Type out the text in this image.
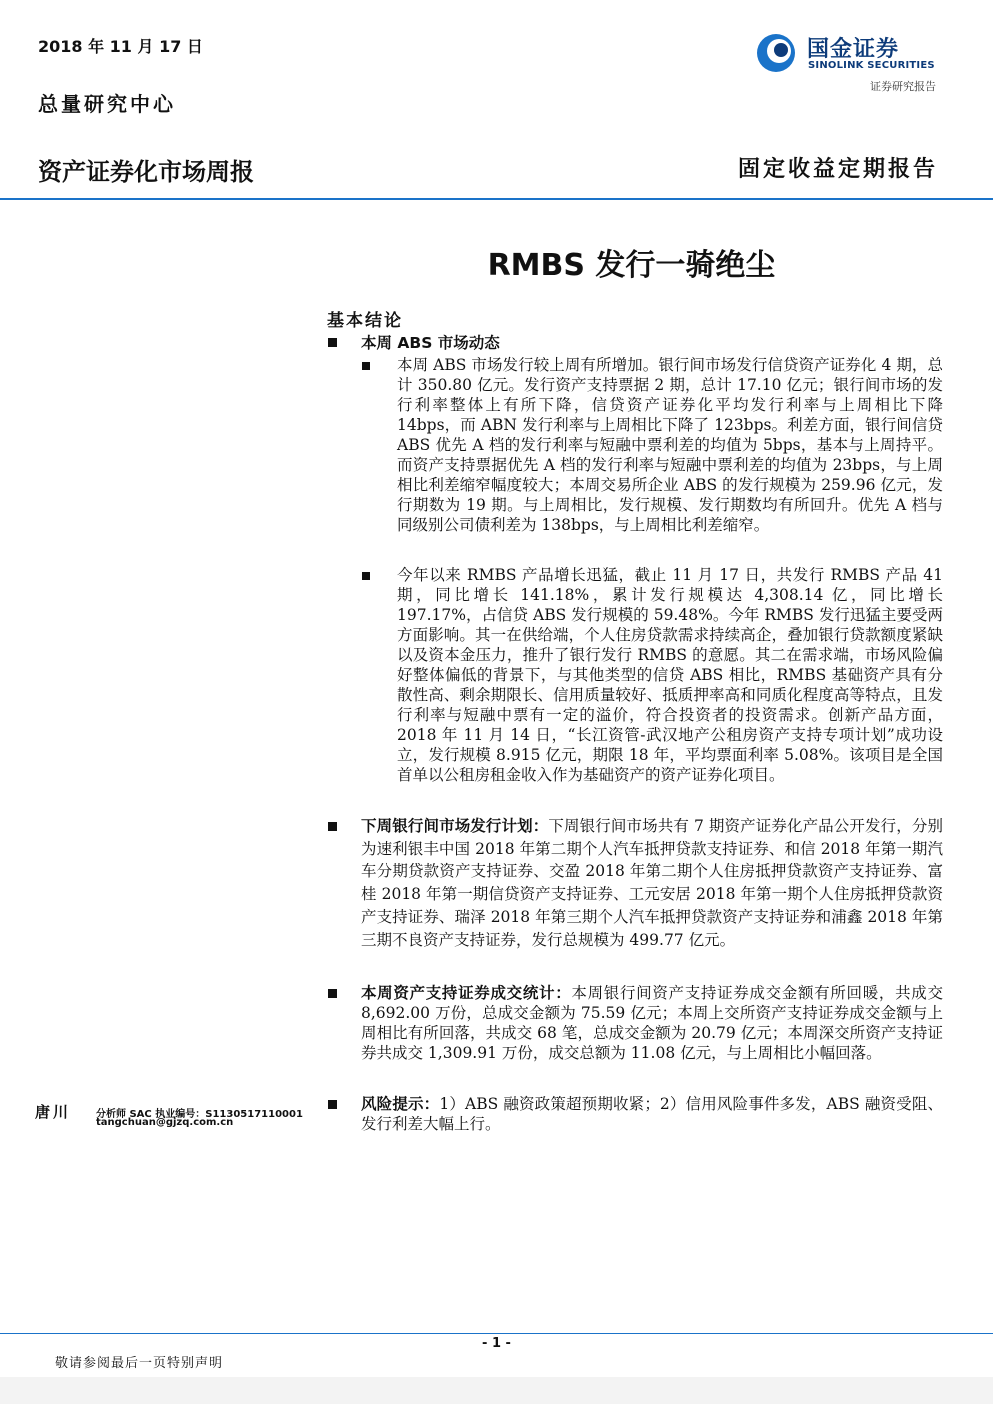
2018 年 11 月 17 日
总量研究中心
国金证券
SINOLINK SECURITIES
证券研究报告
资产证券化市场周报	固定收益定期报告
RMBS 发行一骑绝尘
基本结论
本周 ABS 市场动态
本周 ABS 市场发行较上周有所增加。银行间市场发行信贷资产证券化 4 期，总计 350.80 亿元。发行资产支持票据 2 期，总计 17.10 亿元；银行间市场的发行利率整体上有所下降，信贷资产证券化平均发行利率与上周相比下降 14bps，而 ABN 发行利率与上周相比下降了 123bps。利差方面，银行间信贷 ABS 优先 A 档的发行利率与短融中票利差的均值为 5bps，基本与上周持平。而资产支持票据优先 A 档的发行利率与短融中票利差的均值为 23bps，与上周相比利差缩窄幅度较大；本周交易所企业 ABS 的发行规模为 259.96 亿元，发行期数为 19 期。与上周相比，发行规模、发行期数均有所回升。优先 A 档与同级别公司债利差为 138bps，与上周相比利差缩窄。
今年以来 RMBS 产品增长迅猛，截止 11 月 17 日，共发行 RMBS 产品 41 期，同比增长 141.18%，累计发行规模达 4,308.14 亿，同比增长 197.17%，占信贷 ABS 发行规模的 59.48%。今年 RMBS 发行迅猛主要受两方面影响。其一在供给端，个人住房贷款需求持续高企，叠加银行贷款额度紧缺以及资本金压力，推升了银行发行 RMBS 的意愿。其二在需求端，市场风险偏好整体偏低的背景下，与其他类型的信贷 ABS 相比，RMBS 基础资产具有分散性高、剩余期限长、信用质量较好、抵质押率高和同质化程度高等特点，且发行利率与短融中票有一定的溢价，符合投资者的投资需求。创新产品方面，2018 年 11 月 14 日，“长江资管-武汉地产公租房资产支持专项计划”成功设立，发行规模 8.915 亿元，期限 18 年，平均票面利率 5.08%。该项目是全国首单以公租房租金收入作为基础资产的资产证券化项目。
下周银行间市场发行计划：下周银行间市场共有 7 期资产证券化产品公开发行，分别为速利银丰中国 2018 年第二期个人汽车抵押贷款支持证券、和信 2018 年第一期汽车分期贷款资产支持证券、交盈 2018 年第二期个人住房抵押贷款资产支持证券、富桂 2018 年第一期信贷资产支持证券、工元安居 2018 年第一期个人住房抵押贷款资产支持证券、瑞泽 2018 年第三期个人汽车抵押贷款资产支持证券和浦鑫 2018 年第三期不良资产支持证券，发行总规模为 499.77 亿元。
本周资产支持证券成交统计：本周银行间资产支持证券成交金额有所回暖，共成交 8,692.00 万份，总成交金额为 75.59 亿元；本周上交所资产支持证券成交金额与上周相比有所回落，共成交 68 笔，总成交金额为 20.79 亿元；本周深交所资产支持证券共成交 1,309.91 万份，成交总额为 11.08 亿元，与上周相比小幅回落。
风险提示：1）ABS 融资政策超预期收紧；2）信用风险事件多发，ABS 融资受阻、发行利差大幅上行。
唐川 分析师 SAC 执业编号：S1130517110001
tangchuan@gjzq.com.cn
- 1 -
敬请参阅最后一页特别声明
